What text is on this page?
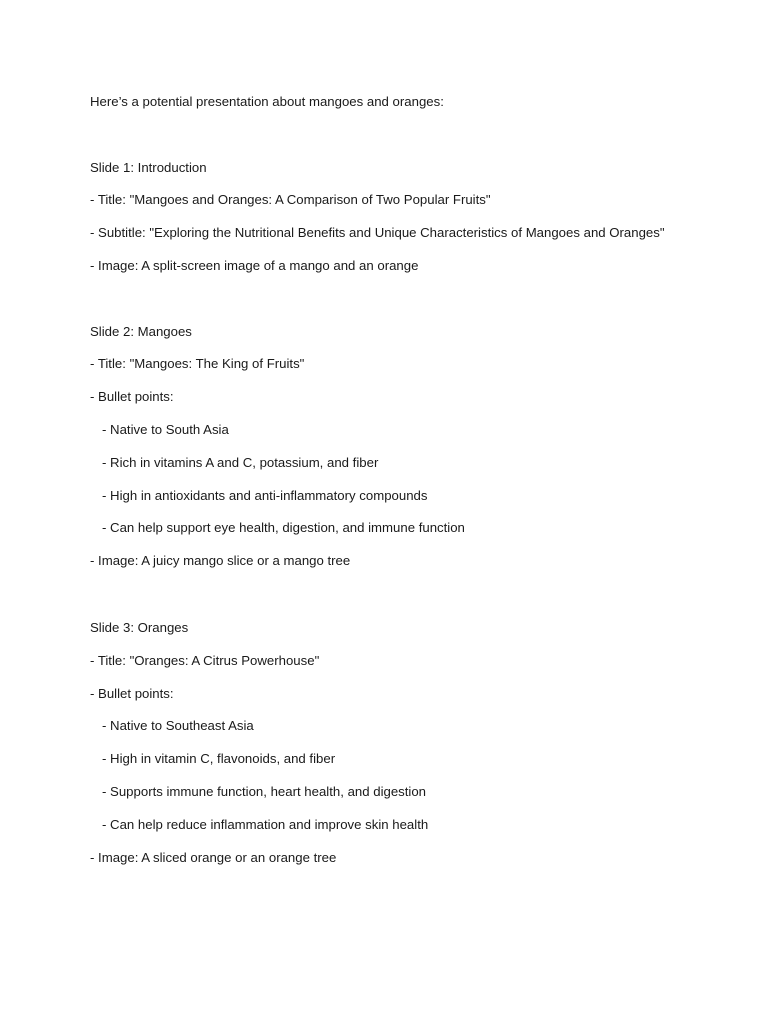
Here’s a potential presentation about mangoes and oranges:
Slide 1: Introduction
- Title: "Mangoes and Oranges: A Comparison of Two Popular Fruits"
- Subtitle: "Exploring the Nutritional Benefits and Unique Characteristics of Mangoes and Oranges"
- Image: A split-screen image of a mango and an orange
Slide 2: Mangoes
- Title: "Mangoes: The King of Fruits"
- Bullet points:
- Native to South Asia
- Rich in vitamins A and C, potassium, and fiber
- High in antioxidants and anti-inflammatory compounds
- Can help support eye health, digestion, and immune function
- Image: A juicy mango slice or a mango tree
Slide 3: Oranges
- Title: "Oranges: A Citrus Powerhouse"
- Bullet points:
- Native to Southeast Asia
- High in vitamin C, flavonoids, and fiber
- Supports immune function, heart health, and digestion
- Can help reduce inflammation and improve skin health
- Image: A sliced orange or an orange tree
